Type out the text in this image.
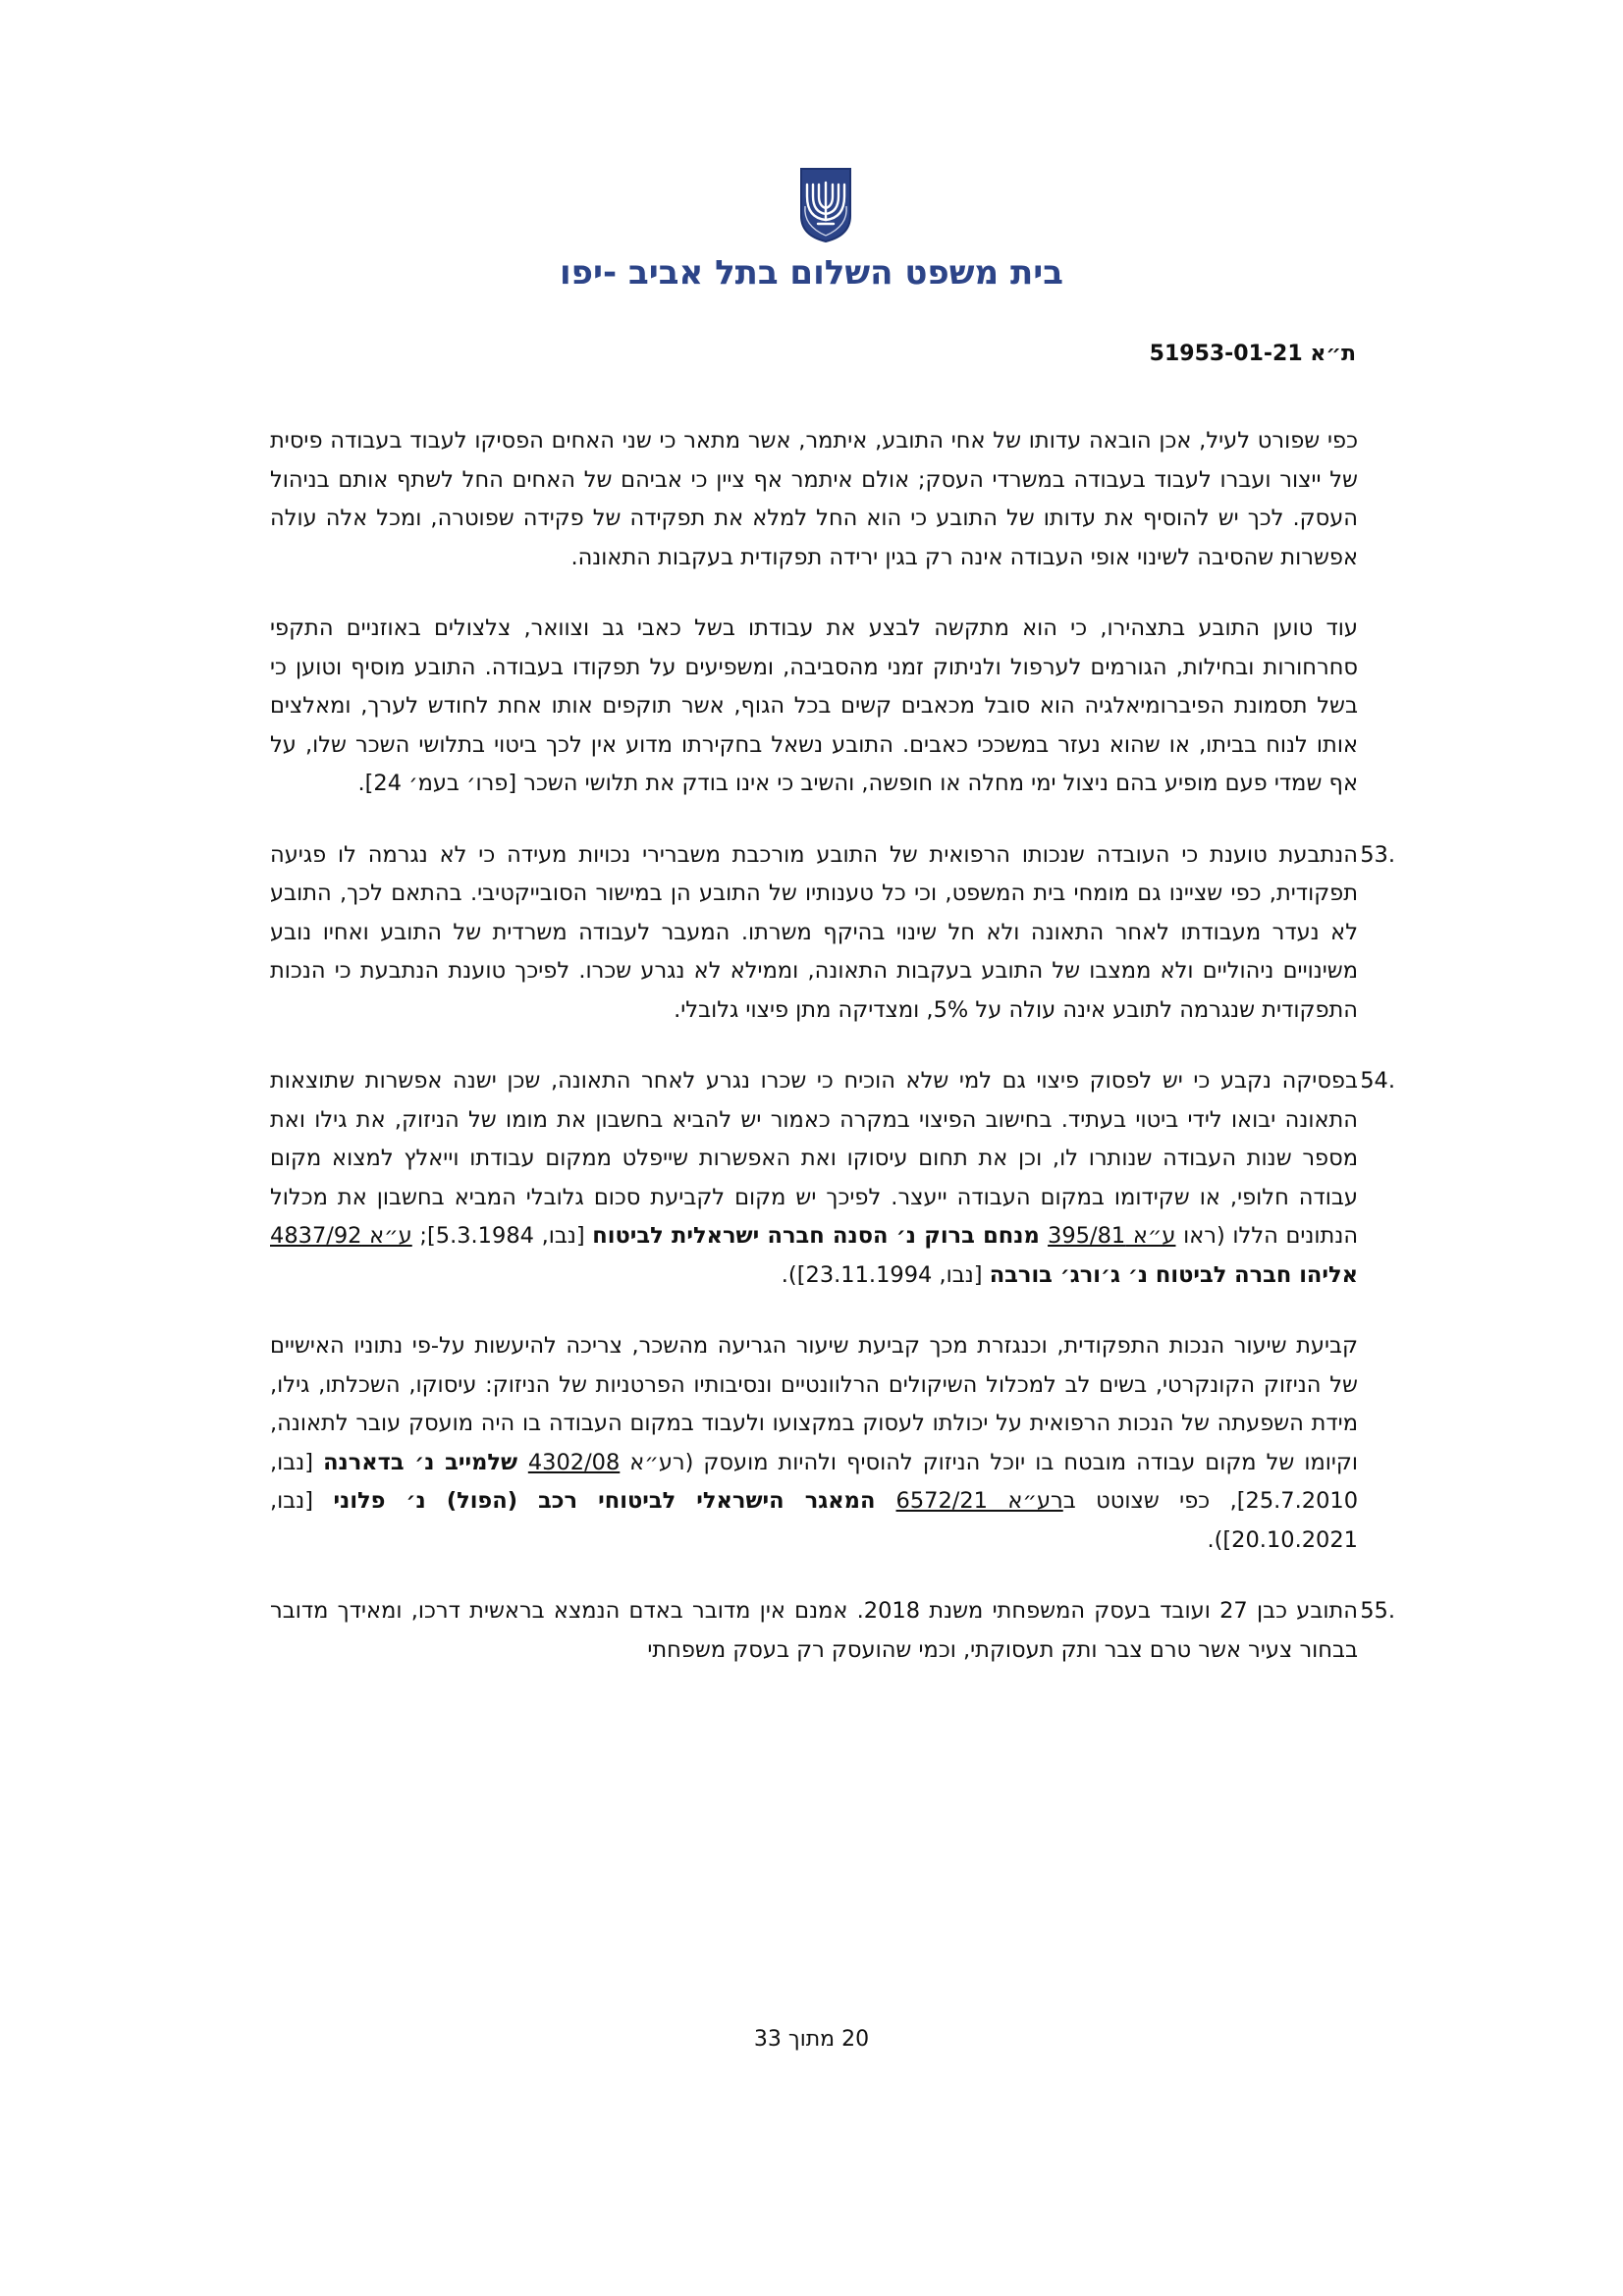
בית משפט השלום בתל אביב -יפו
ת״א 51953-01-21

כפי שפורט לעיל, אכן הובאה עדותו של אחי התובע, איתמר, אשר מתאר כי שני האחים הפסיקו לעבוד בעבודה פיסית של ייצור ועברו לעבוד בעבודה במשרדי העסק; אולם איתמר אף ציין כי אביהם של האחים החל לשתף אותם בניהול העסק. לכך יש להוסיף את עדותו של התובע כי הוא החל למלא את תפקידה של פקידה שפוטרה, ומכל אלה עולה אפשרות שהסיבה לשינוי אופי העבודה אינה רק בגין ירידה תפקודית בעקבות התאונה.

עוד טוען התובע בתצהירו, כי הוא מתקשה לבצע את עבודתו בשל כאבי גב וצוואר, צלצולים באוזניים התקפי סחרחורות ובחילות, הגורמים לערפול ולניתוק זמני מהסביבה, ומשפיעים על תפקודו בעבודה. התובע מוסיף וטוען כי בשל תסמונת הפיברומיאלגיה הוא סובל מכאבים קשים בכל הגוף, אשר תוקפים אותו אחת לחודש לערך, ומאלצים אותו לנוח בביתו, או שהוא נעזר במשככי כאבים. התובע נשאל בחקירתו מדוע אין לכך ביטוי בתלושי השכר שלו, על אף שמדי פעם מופיע בהם ניצול ימי מחלה או חופשה, והשיב כי אינו בודק את תלושי השכר [פרו׳ בעמ׳ 24].

53.
הנתבעת טוענת כי העובדה שנכותו הרפואית של התובע מורכבת משברירי נכויות מעידה כי לא נגרמה לו פגיעה תפקודית, כפי שציינו גם מומחי בית המשפט, וכי כל טענותיו של התובע הן במישור הסובייקטיבי. בהתאם לכך, התובע לא נעדר מעבודתו לאחר התאונה ולא חל שינוי בהיקף משרתו. המעבר לעבודה משרדית של התובע ואחיו נובע משינויים ניהוליים ולא ממצבו של התובע בעקבות התאונה, וממילא לא נגרע שכרו. לפיכך טוענת הנתבעת כי הנכות התפקודית שנגרמה לתובע אינה עולה על 5%, ומצדיקה מתן פיצוי גלובלי.
54.
בפסיקה נקבע כי יש לפסוק פיצוי גם למי שלא הוכיח כי שכרו נגרע לאחר התאונה, שכן ישנה אפשרות שתוצאות התאונה יבואו לידי ביטוי בעתיד. בחישוב הפיצוי במקרה כאמור יש להביא בחשבון את מומו של הניזוק, את גילו ואת מספר שנות העבודה שנותרו לו, וכן את תחום עיסוקו ואת האפשרות שייפלט ממקום עבודתו וייאלץ למצוא מקום עבודה חלופי, או שקידומו במקום העבודה ייעצר. לפיכך יש מקום לקביעת סכום גלובלי המביא בחשבון את מכלול הנתונים הללו (ראו ע״א 395/81 מנחם ברוק נ׳ הסנה חברה ישראלית לביטוח [נבו, 5.3.1984]; ע״א 4837/92 אליהו חברה לביטוח נ׳ ג׳ורג׳ בורבה [נבו, 23.11.1994]).

קביעת שיעור הנכות התפקודית, וכנגזרת מכך קביעת שיעור הגריעה מהשכר, צריכה להיעשות על-פי נתוניו האישיים של הניזוק הקונקרטי, בשים לב למכלול השיקולים הרלוונטיים ונסיבותיו הפרטניות של הניזוק: עיסוקו, השכלתו, גילו, מידת השפעתה של הנכות הרפואית על יכולתו לעסוק במקצועו ולעבוד במקום העבודה בו היה מועסק עובר לתאונה, וקיומו של מקום עבודה מובטח בו יוכל הניזוק להוסיף ולהיות מועסק (רע״א 4302/08 שלמייב נ׳ בדארנה [נבו, 25.7.2010], כפי שצוטט ברע״א 6572/21 המאגר הישראלי לביטוחי רכב (הפול) נ׳ פלוני [נבו, 20.10.2021]).

55.
התובע כבן 27 ועובד בעסק המשפחתי משנת 2018. אמנם אין מדובר באדם הנמצא בראשית דרכו, ומאידך מדובר בבחור צעיר אשר טרם צבר ותק תעסוקתי, וכמי שהועסק רק בעסק משפחתי
20 מתוך 33
